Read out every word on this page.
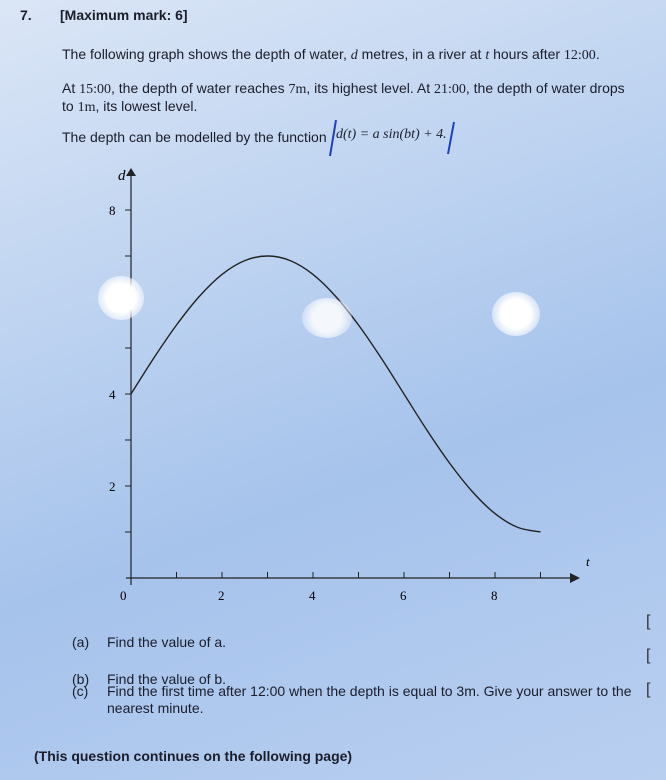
7. [Maximum mark: 6]
The following graph shows the depth of water, d metres, in a river at t hours after 12:00.
At 15:00, the depth of water reaches 7m, its highest level. At 21:00, the depth of water drops
to 1m, its lowest level.
The depth can be modelled by the function d(t) = a sin(bt) + 4.
d
t
0
2
4
8
2	4	6	8
(a) Find the value of a.
[
(b) Find the value of b.
[
(c) Find the first time after 12:00 when the depth is equal to 3m. Give your answer to the
nearest minute.
[
(This question continues on the following page)
